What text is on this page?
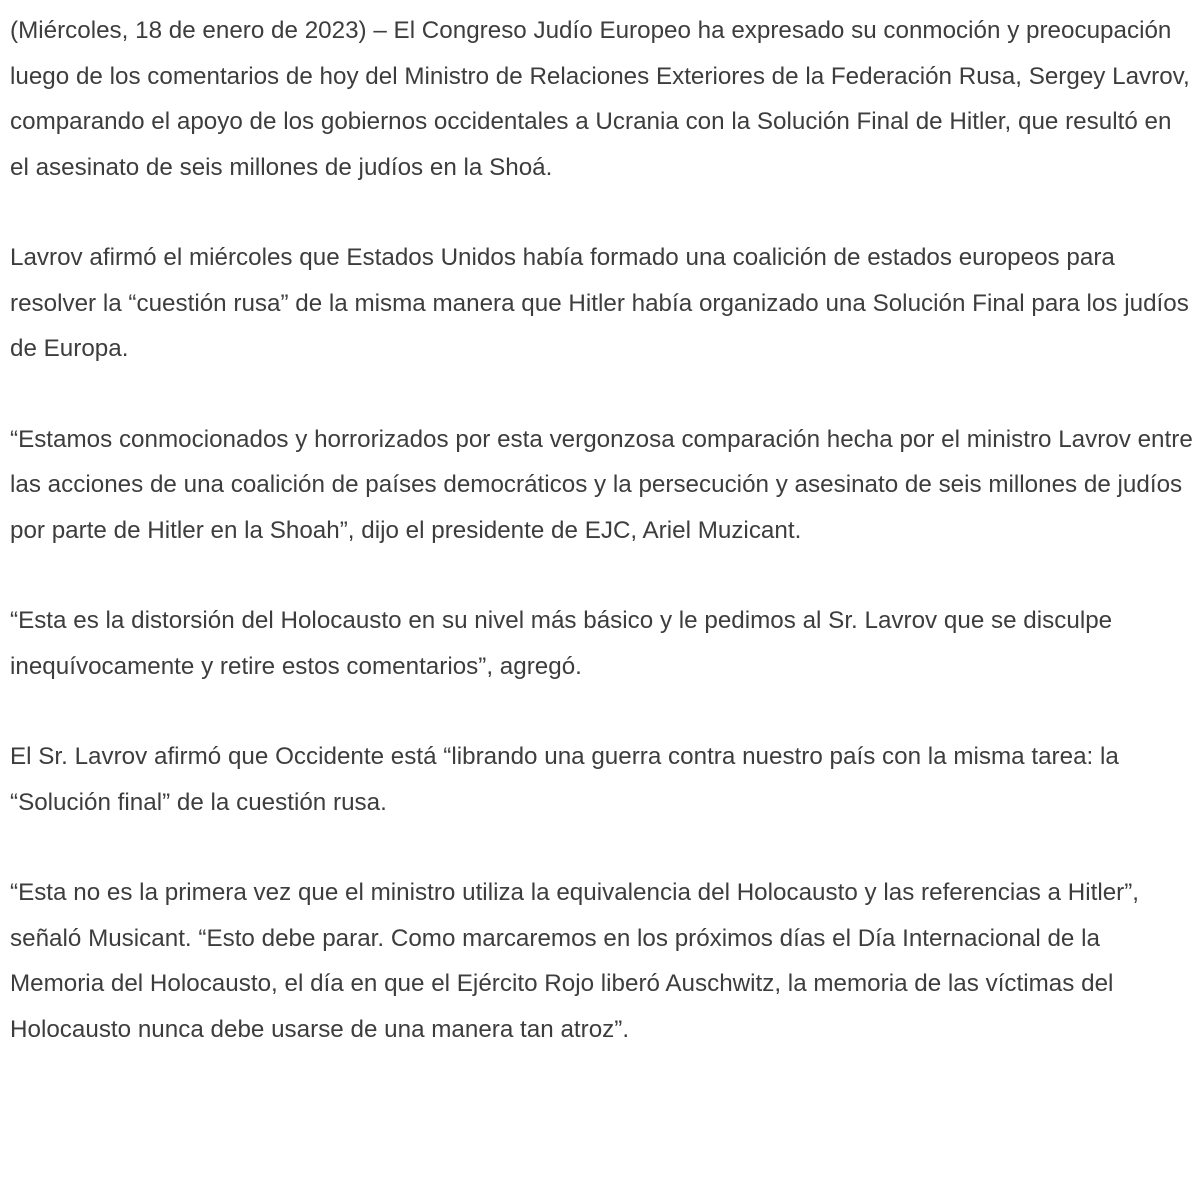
(Miércoles, 18 de enero de 2023) – El Congreso Judío Europeo ha expresado su conmoción y preocupación luego de los comentarios de hoy del Ministro de Relaciones Exteriores de la Federación Rusa, Sergey Lavrov, comparando el apoyo de los gobiernos occidentales a Ucrania con la Solución Final de Hitler, que resultó en el asesinato de seis millones de judíos en la Shoá.

Lavrov afirmó el miércoles que Estados Unidos había formado una coalición de estados europeos para resolver la “cuestión rusa” de la misma manera que Hitler había organizado una Solución Final para los judíos de Europa.

“Estamos conmocionados y horrorizados por esta vergonzosa comparación hecha por el ministro Lavrov entre las acciones de una coalición de países democráticos y la persecución y asesinato de seis millones de judíos por parte de Hitler en la Shoah”, dijo el presidente de EJC, Ariel Muzicant.

“Esta es la distorsión del Holocausto en su nivel más básico y le pedimos al Sr. Lavrov que se disculpe inequívocamente y retire estos comentarios”, agregó.

El Sr. Lavrov afirmó que Occidente está “librando una guerra contra nuestro país con la misma tarea: la “Solución final” de la cuestión rusa.

“Esta no es la primera vez que el ministro utiliza la equivalencia del Holocausto y las referencias a Hitler”, señaló Musicant. “Esto debe parar. Como marcaremos en los próximos días el Día Internacional de la Memoria del Holocausto, el día en que el Ejército Rojo liberó Auschwitz, la memoria de las víctimas del Holocausto nunca debe usarse de una manera tan atroz”.
